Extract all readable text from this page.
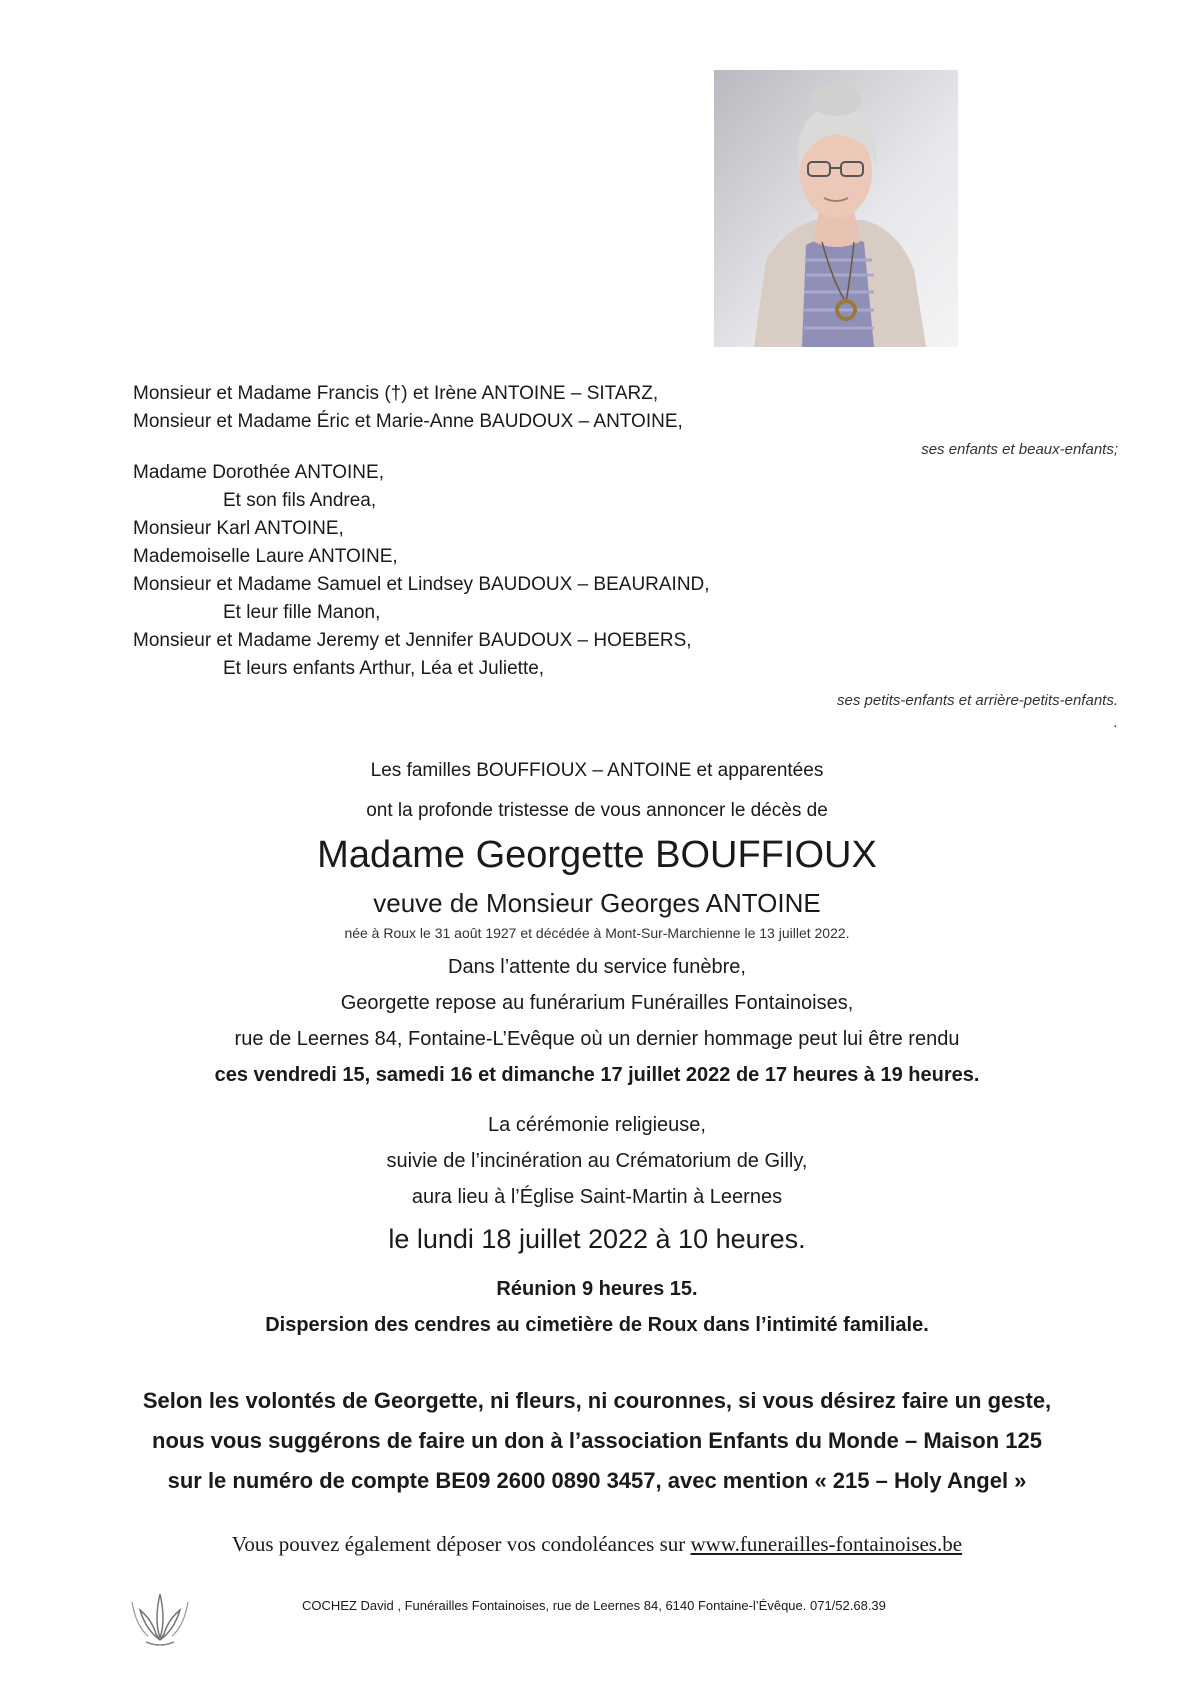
Monsieur et Madame Francis (†) et Irène ANTOINE – SITARZ,
Monsieur et Madame Éric et Marie-Anne BAUDOUX – ANTOINE,
ses enfants et beaux-enfants;
Madame Dorothée ANTOINE,
Et son fils Andrea,
Monsieur Karl ANTOINE,
Mademoiselle Laure ANTOINE,
Monsieur et Madame Samuel et Lindsey BAUDOUX – BEAURAIND,
Et leur fille Manon,
Monsieur et Madame Jeremy et Jennifer BAUDOUX – HOEBERS,
Et leurs enfants Arthur, Léa et Juliette,
ses petits-enfants et arrière-petits-enfants.
.
Les familles BOUFFIOUX – ANTOINE et apparentées
ont la profonde tristesse de vous annoncer le décès de
Madame Georgette BOUFFIOUX
veuve de Monsieur Georges ANTOINE
née à Roux le 31 août 1927 et décédée à Mont-Sur-Marchienne le 13 juillet 2022.
Dans l’attente du service funèbre,
Georgette repose au funérarium Funérailles Fontainoises,
rue de Leernes 84, Fontaine-L’Evêque où un dernier hommage peut lui être rendu
ces vendredi 15, samedi 16 et dimanche 17 juillet 2022 de 17 heures à 19 heures.
La cérémonie religieuse,
suivie de l’incinération au Crématorium de Gilly,
aura lieu à l’Église Saint-Martin à Leernes
le lundi 18 juillet 2022 à 10 heures.
Réunion 9 heures 15.
Dispersion des cendres au cimetière de Roux dans l’intimité familiale.
Selon les volontés de Georgette, ni fleurs, ni couronnes, si vous désirez faire un geste,
nous vous suggérons de faire un don à l’association Enfants du Monde – Maison 125
sur le numéro de compte BE09 2600 0890 3457, avec mention « 215 – Holy Angel »
Vous pouvez également déposer vos condoléances sur www.funerailles-fontainoises.be
COCHEZ David , Funérailles Fontainoises, rue de Leernes 84, 6140 Fontaine-l’Évêque. 071/52.68.39
